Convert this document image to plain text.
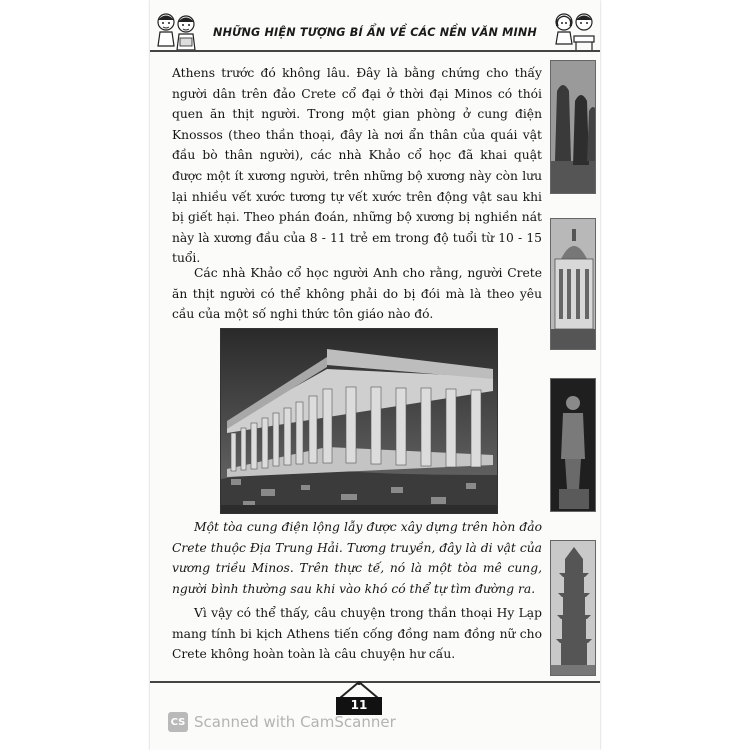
NHỮNG HIỆN TƯỢNG BÍ ẨN VỀ CÁC NỀN VĂN MINH

Athens trước đó không lâu. Đây là bằng chứng cho thấy người dân trên đảo Crete cổ đại ở thời đại Minos có thói quen ăn thịt người. Trong một gian phòng ở cung điện Knossos (theo thần thoại, đây là nơi ẩn thân của quái vật đầu bò thân người), các nhà Khảo cổ học đã khai quật được một ít xương người, trên những bộ xương này còn lưu lại nhiều vết xước tương tự vết xước trên động vật sau khi bị giết hại. Theo phán đoán, những bộ xương bị nghiền nát này là xương đầu của 8 - 11 trẻ em trong độ tuổi từ 10 - 15 tuổi.

Các nhà Khảo cổ học người Anh cho rằng, người Crete ăn thịt người có thể không phải do bị đói mà là theo yêu cầu của một số nghi thức tôn giáo nào đó.

Một tòa cung điện lộng lẫy được xây dựng trên hòn đảo Crete thuộc Địa Trung Hải. Tương truyền, đây là di vật của vương triều Minos. Trên thực tế, nó là một tòa mê cung, người bình thường sau khi vào khó có thể tự tìm đường ra.

Vì vậy có thể thấy, câu chuyện trong thần thoại Hy Lạp mang tính bi kịch Athens tiến cống đồng nam đồng nữ cho Crete không hoàn toàn là câu chuyện hư cấu.

11
CS Scanned with CamScanner
